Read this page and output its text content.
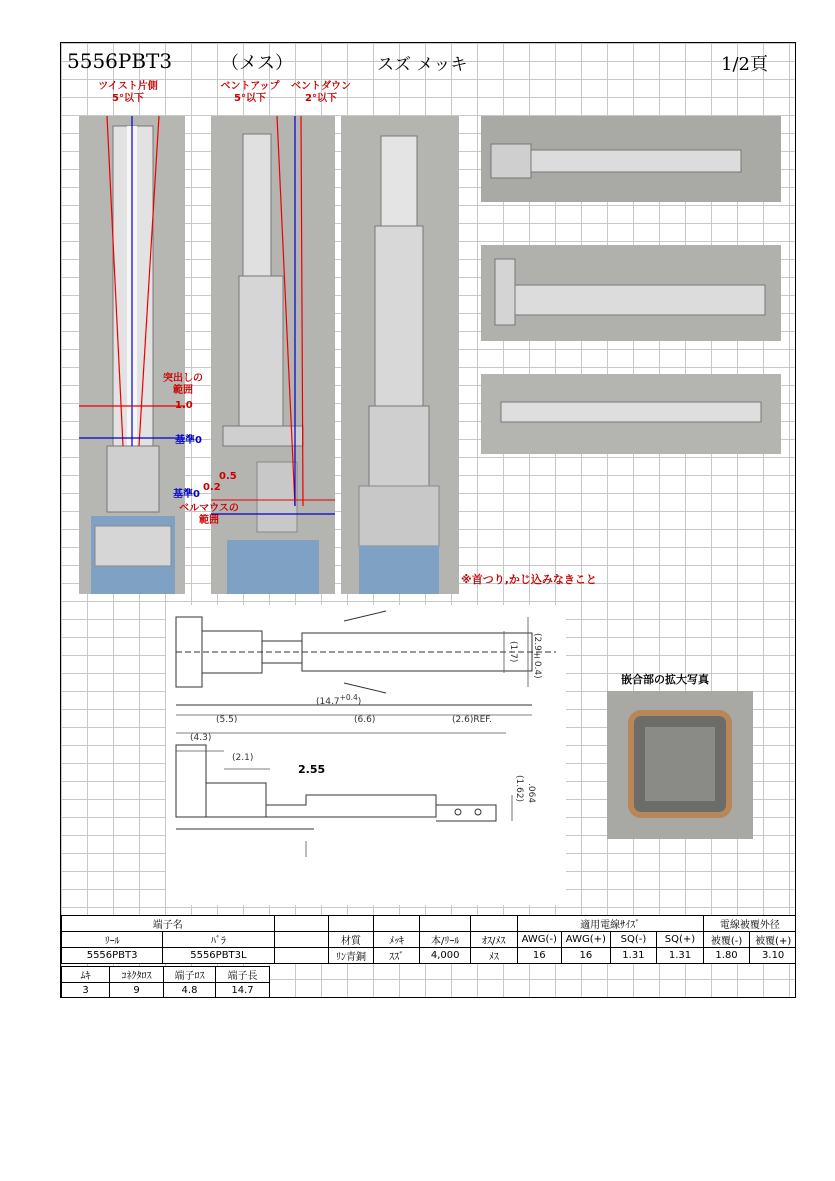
5556PBT3	（メス）	スズ メッキ	1/2頁
ツイスト片側
5°以下
ベントアップ
5°以下
ベントダウン
2°以下
突出しの
範囲
1.0
基準0
0.5
0.2
基準0
ベルマウスの
範囲
※首つり,かじ込みなきこと
$(14.7^{+0.4})$
(5.5)	(6.6)	(2.6)REF.
(4.3)
(2.1)
(2.9±0.4)
(1.7)
(1.62) .064
2.55
嵌合部の拡大写真
端子名							適用電線ｻｲｽﾞ				電線被覆外径	
ﾘｰﾙ	ﾊﾞﾗ		材質	ﾒｯｷ	本/ﾘｰﾙ	ｵｽ/ﾒｽ	AWG(-)	AWG(+)	SQ(-)	SQ(+)	被覆(-)	被覆(+)
5556PBT3	5556PBT3L		ﾘﾝ青銅	ｽｽﾞ	4,000	ﾒｽ	16	16	1.31	1.31	1.80	3.10
ﾑｷ	ｺﾈｸﾀﾛｽ	端子ﾛｽ	端子長
3	9	4.8	14.7
